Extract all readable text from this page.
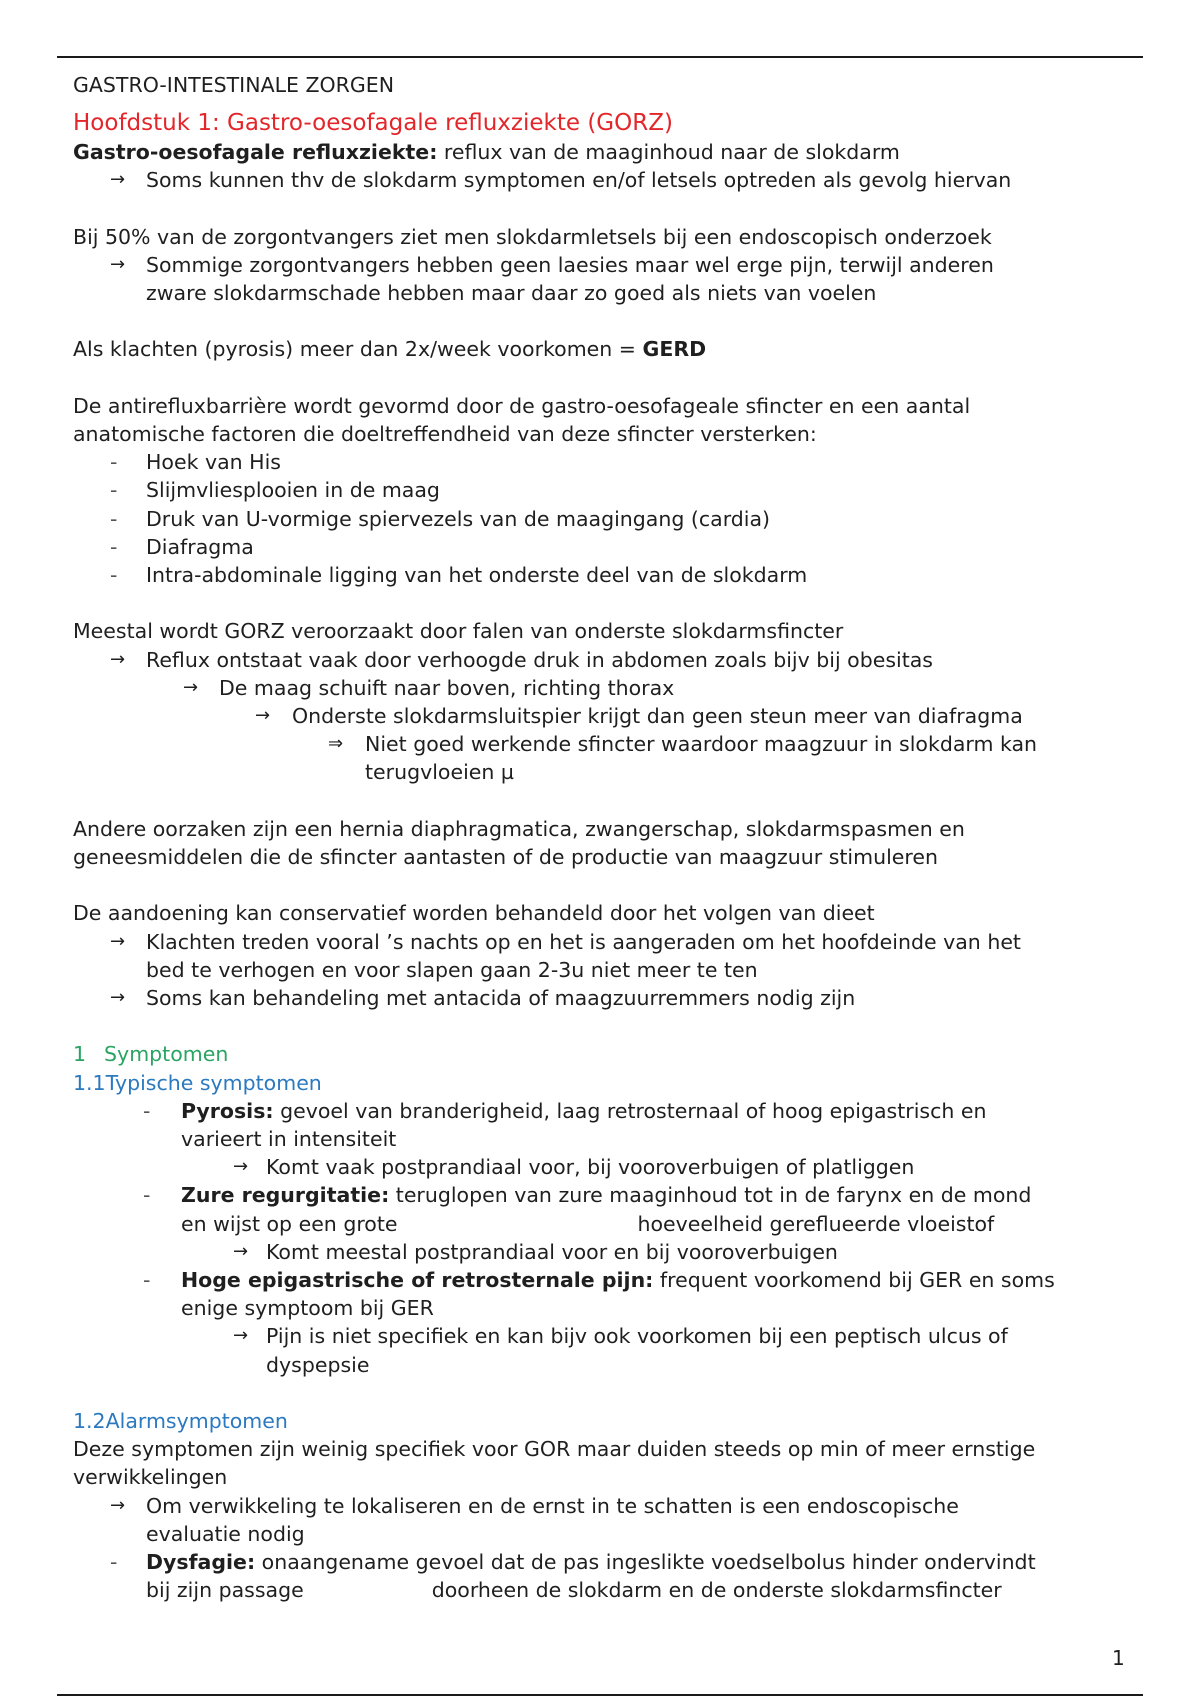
GASTRO-INTESTINALE ZORGEN
Hoofdstuk 1: Gastro-oesofagale refluxziekte (GORZ)
Gastro-oesofagale refluxziekte: reflux van de maaginhoud naar de slokdarm
→ Soms kunnen thv de slokdarm symptomen en/of letsels optreden als gevolg hiervan
Bij 50% van de zorgontvangers ziet men slokdarmletsels bij een endoscopisch onderzoek
→ Sommige zorgontvangers hebben geen laesies maar wel erge pijn, terwijl anderen
zware slokdarmschade hebben maar daar zo goed als niets van voelen
Als klachten (pyrosis) meer dan 2x/week voorkomen = GERD
De antirefluxbarrière wordt gevormd door de gastro-oesofageale sfincter en een aantal
anatomische factoren die doeltreffendheid van deze sfincter versterken:
- Hoek van His
- Slijmvliesplooien in de maag
- Druk van U-vormige spiervezels van de maagingang (cardia)
- Diafragma
- Intra-abdominale ligging van het onderste deel van de slokdarm
Meestal wordt GORZ veroorzaakt door falen van onderste slokdarmsfincter
→ Reflux ontstaat vaak door verhoogde druk in abdomen zoals bijv bij obesitas
→ De maag schuift naar boven, richting thorax
→ Onderste slokdarmsluitspier krijgt dan geen steun meer van diafragma
⇒ Niet goed werkende sfincter waardoor maagzuur in slokdarm kan
terugvloeien µ
Andere oorzaken zijn een hernia diaphragmatica, zwangerschap, slokdarmspasmen en
geneesmiddelen die de sfincter aantasten of de productie van maagzuur stimuleren
De aandoening kan conservatief worden behandeld door het volgen van dieet
→ Klachten treden vooral ’s nachts op en het is aangeraden om het hoofdeinde van het
bed te verhogen en voor slapen gaan 2-3u niet meer te ten
→ Soms kan behandeling met antacida of maagzuurremmers nodig zijn
1 Symptomen
1.1Typische symptomen
- Pyrosis: gevoel van branderigheid, laag retrosternaal of hoog epigastrisch en
varieert in intensiteit
→ Komt vaak postprandiaal voor, bij vooroverbuigen of platliggen
- Zure regurgitatie: teruglopen van zure maaginhoud tot in de farynx en de mond
en wijst op een grote	hoeveelheid gereflueerde vloeistof
→ Komt meestal postprandiaal voor en bij vooroverbuigen
- Hoge epigastrische of retrosternale pijn: frequent voorkomend bij GER en soms
enige symptoom bij GER
→ Pijn is niet specifiek en kan bijv ook voorkomen bij een peptisch ulcus of
dyspepsie
1.2Alarmsymptomen
Deze symptomen zijn weinig specifiek voor GOR maar duiden steeds op min of meer ernstige
verwikkelingen
→ Om verwikkeling te lokaliseren en de ernst in te schatten is een endoscopische
evaluatie nodig
- Dysfagie: onaangename gevoel dat de pas ingeslikte voedselbolus hinder ondervindt
bij zijn passage	doorheen de slokdarm en de onderste slokdarmsfincter
1
